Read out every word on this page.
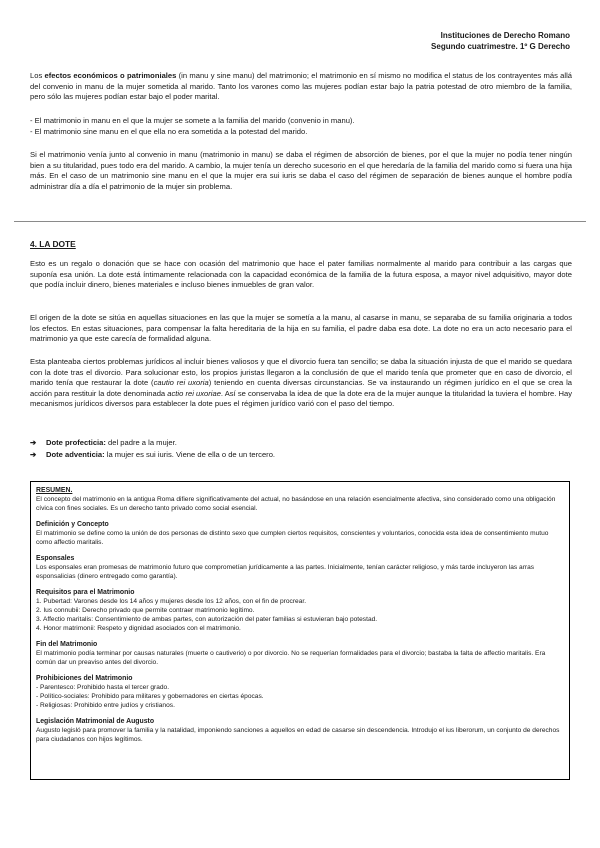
Instituciones de Derecho Romano
Segundo cuatrimestre. 1º G Derecho
Los efectos económicos o patrimoniales (in manu y sine manu) del matrimonio; el matrimonio en sí mismo no modifica el status de los contrayentes más allá del convenio in manu de la mujer sometida al marido. Tanto los varones como las mujeres podían estar bajo la patria potestad de otro miembro de la familia, pero sólo las mujeres podían estar bajo el poder marital.
- El matrimonio in manu en el que la mujer se somete a la familia del marido (convenio in manu).
- El matrimonio sine manu en el que ella no era sometida a la potestad del marido.
Si el matrimonio venía junto al convenio in manu (matrimonio in manu) se daba el régimen de absorción de bienes, por el que la mujer no podía tener ningún bien a su titularidad, pues todo era del marido. A cambio, la mujer tenía un derecho sucesorio en el que heredaría de la familia del marido como si fuera una hija más. En el caso de un matrimonio sine manu en el que la mujer era sui iuris se daba el caso del régimen de separación de bienes aunque el hombre podía administrar día a día el patrimonio de la mujer sin problema.
4. LA DOTE
Esto es un regalo o donación que se hace con ocasión del matrimonio que hace el pater familias normalmente al marido para contribuir a las cargas que suponía esa unión. La dote está íntimamente relacionada con la capacidad económica de la familia de la futura esposa, a mayor nivel adquisitivo, mayor dote que podía incluir dinero, bienes materiales e incluso bienes inmuebles de gran valor.
El origen de la dote se sitúa en aquellas situaciones en las que la mujer se sometía a la manu, al casarse in manu, se separaba de su familia originaria a todos los efectos. En estas situaciones, para compensar la falta hereditaria de la hija en su familia, el padre daba esa dote. La dote no era un acto necesario para el matrimonio ya que este carecía de formalidad alguna.
Esta planteaba ciertos problemas jurídicos al incluir bienes valiosos y que el divorcio fuera tan sencillo; se daba la situación injusta de que el marido se quedara con la dote tras el divorcio. Para solucionar esto, los propios juristas llegaron a la conclusión de que el marido tenía que prometer que en caso de divorcio, el marido tenía que restaurar la dote (cautio rei uxoria) teniendo en cuenta diversas circunstancias. Se va instaurando un régimen jurídico en el que se crea la acción para restituir la dote denominada actio rei uxoriae. Así se conservaba la idea de que la dote era de la mujer aunque la titularidad la tuviera el hombre. Hay mecanismos jurídicos diversos para establecer la dote pues el régimen jurídico varió con el paso del tiempo.
➔	Dote profecticia: del padre a la mujer.
➔	Dote adventicia: la mujer es sui iuris. Viene de ella o de un tercero.
RESUMEN.

El concepto del matrimonio en la antigua Roma difiere significativamente del actual, no basándose en una relación esencialmente afectiva, sino considerado como una obligación cívica con fines sociales. Es un derecho tanto privado como social esencial.

Definición y Concepto

El matrimonio se define como la unión de dos personas de distinto sexo que cumplen ciertos requisitos, conscientes y voluntarios, conocida esta idea de consentimiento mutuo como affectio maritalis.

Esponsales

Los esponsales eran promesas de matrimonio futuro que comprometían jurídicamente a las partes. Inicialmente, tenían carácter religioso, y más tarde incluyeron las arras esponsalicias (dinero entregado como garantía).

Requisitos para el Matrimonio
1. Pubertad: Varones desde los 14 años y mujeres desde los 12 años, con el fin de procrear.
2. Ius connubii: Derecho privado que permite contraer matrimonio legítimo.
3. Affectio maritalis: Consentimiento de ambas partes, con autorización del pater familias si estuvieran bajo potestad.
4. Honor matrimonii: Respeto y dignidad asociados con el matrimonio.
Fin del Matrimonio

El matrimonio podía terminar por causas naturales (muerte o cautiverio) o por divorcio. No se requerían formalidades para el divorcio; bastaba la falta de affectio maritalis. Era común dar un preaviso antes del divorcio.

Prohibiciones del Matrimonio
- Parentesco: Prohibido hasta el tercer grado.
- Político-sociales: Prohibido para militares y gobernadores en ciertas épocas.
- Religiosas: Prohibido entre judíos y cristianos.
Legislación Matrimonial de Augusto

Augusto legisló para promover la familia y la natalidad, imponiendo sanciones a aquellos en edad de casarse sin descendencia. Introdujo el ius liberorum, un conjunto de derechos para ciudadanos con hijos legítimos.
